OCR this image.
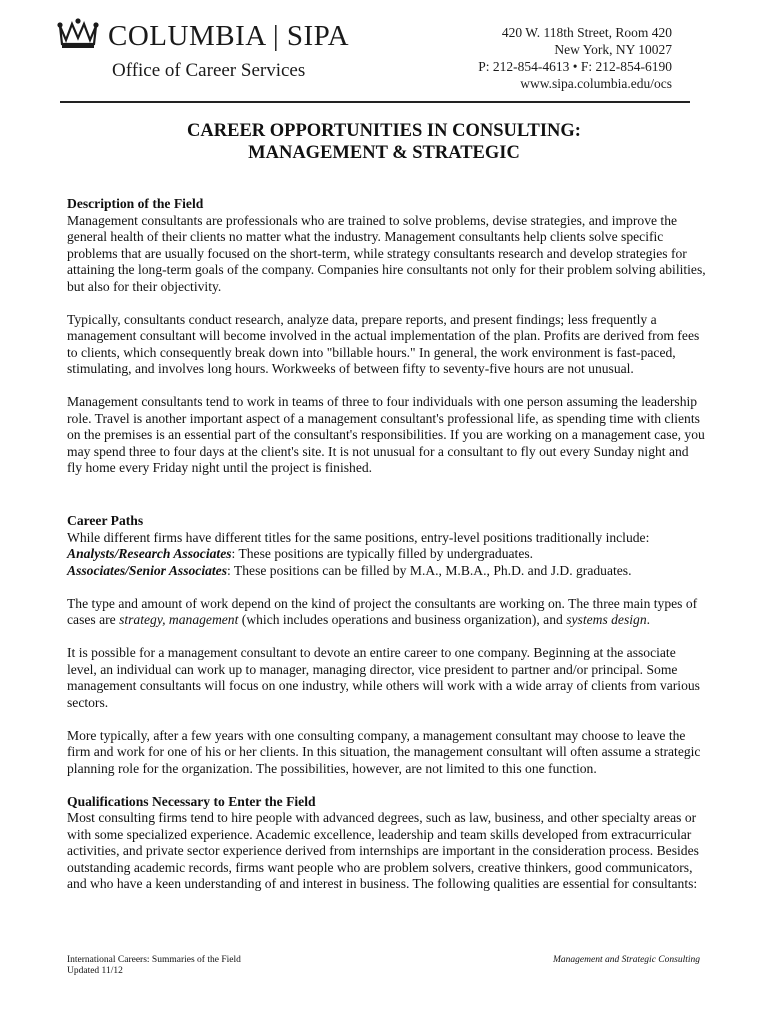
COLUMBIA | SIPA
Office of Career Services
420 W. 118th Street, Room 420
New York, NY 10027
P: 212-854-4613 • F: 212-854-6190
www.sipa.columbia.edu/ocs
CAREER OPPORTUNITIES IN CONSULTING:
MANAGEMENT & STRATEGIC
Description of the Field

Management consultants are professionals who are trained to solve problems, devise strategies, and improve the general health of their clients no matter what the industry. Management consultants help clients solve specific problems that are usually focused on the short-term, while strategy consultants research and develop strategies for attaining the long-term goals of the company. Companies hire consultants not only for their problem solving abilities, but also for their objectivity.

Typically, consultants conduct research, analyze data, prepare reports, and present findings; less frequently a management consultant will become involved in the actual implementation of the plan. Profits are derived from fees to clients, which consequently break down into "billable hours." In general, the work environment is fast-paced, stimulating, and involves long hours. Workweeks of between fifty to seventy-five hours are not unusual.

Management consultants tend to work in teams of three to four individuals with one person assuming the leadership role. Travel is another important aspect of a management consultant's professional life, as spending time with clients on the premises is an essential part of the consultant's responsibilities. If you are working on a management case, you may spend three to four days at the client's site. It is not unusual for a consultant to fly out every Sunday night and fly home every Friday night until the project is finished.

Career Paths

While different firms have different titles for the same positions, entry-level positions traditionally include:

Analysts/Research Associates: These positions are typically filled by undergraduates.

Associates/Senior Associates: These positions can be filled by M.A., M.B.A., Ph.D. and J.D. graduates.

The type and amount of work depend on the kind of project the consultants are working on. The three main types of cases are strategy, management (which includes operations and business organization), and systems design.

It is possible for a management consultant to devote an entire career to one company. Beginning at the associate level, an individual can work up to manager, managing director, vice president to partner and/or principal. Some management consultants will focus on one industry, while others will work with a wide array of clients from various sectors.

More typically, after a few years with one consulting company, a management consultant may choose to leave the firm and work for one of his or her clients. In this situation, the management consultant will often assume a strategic planning role for the organization. The possibilities, however, are not limited to this one function.

Qualifications Necessary to Enter the Field

Most consulting firms tend to hire people with advanced degrees, such as law, business, and other specialty areas or with some specialized experience. Academic excellence, leadership and team skills developed from extracurricular activities, and private sector experience derived from internships are important in the consideration process. Besides outstanding academic records, firms want people who are problem solvers, creative thinkers, good communicators, and who have a keen understanding of and interest in business. The following qualities are essential for consultants:

International Careers: Summaries of the Field
Updated 11/12
Management and Strategic Consulting
